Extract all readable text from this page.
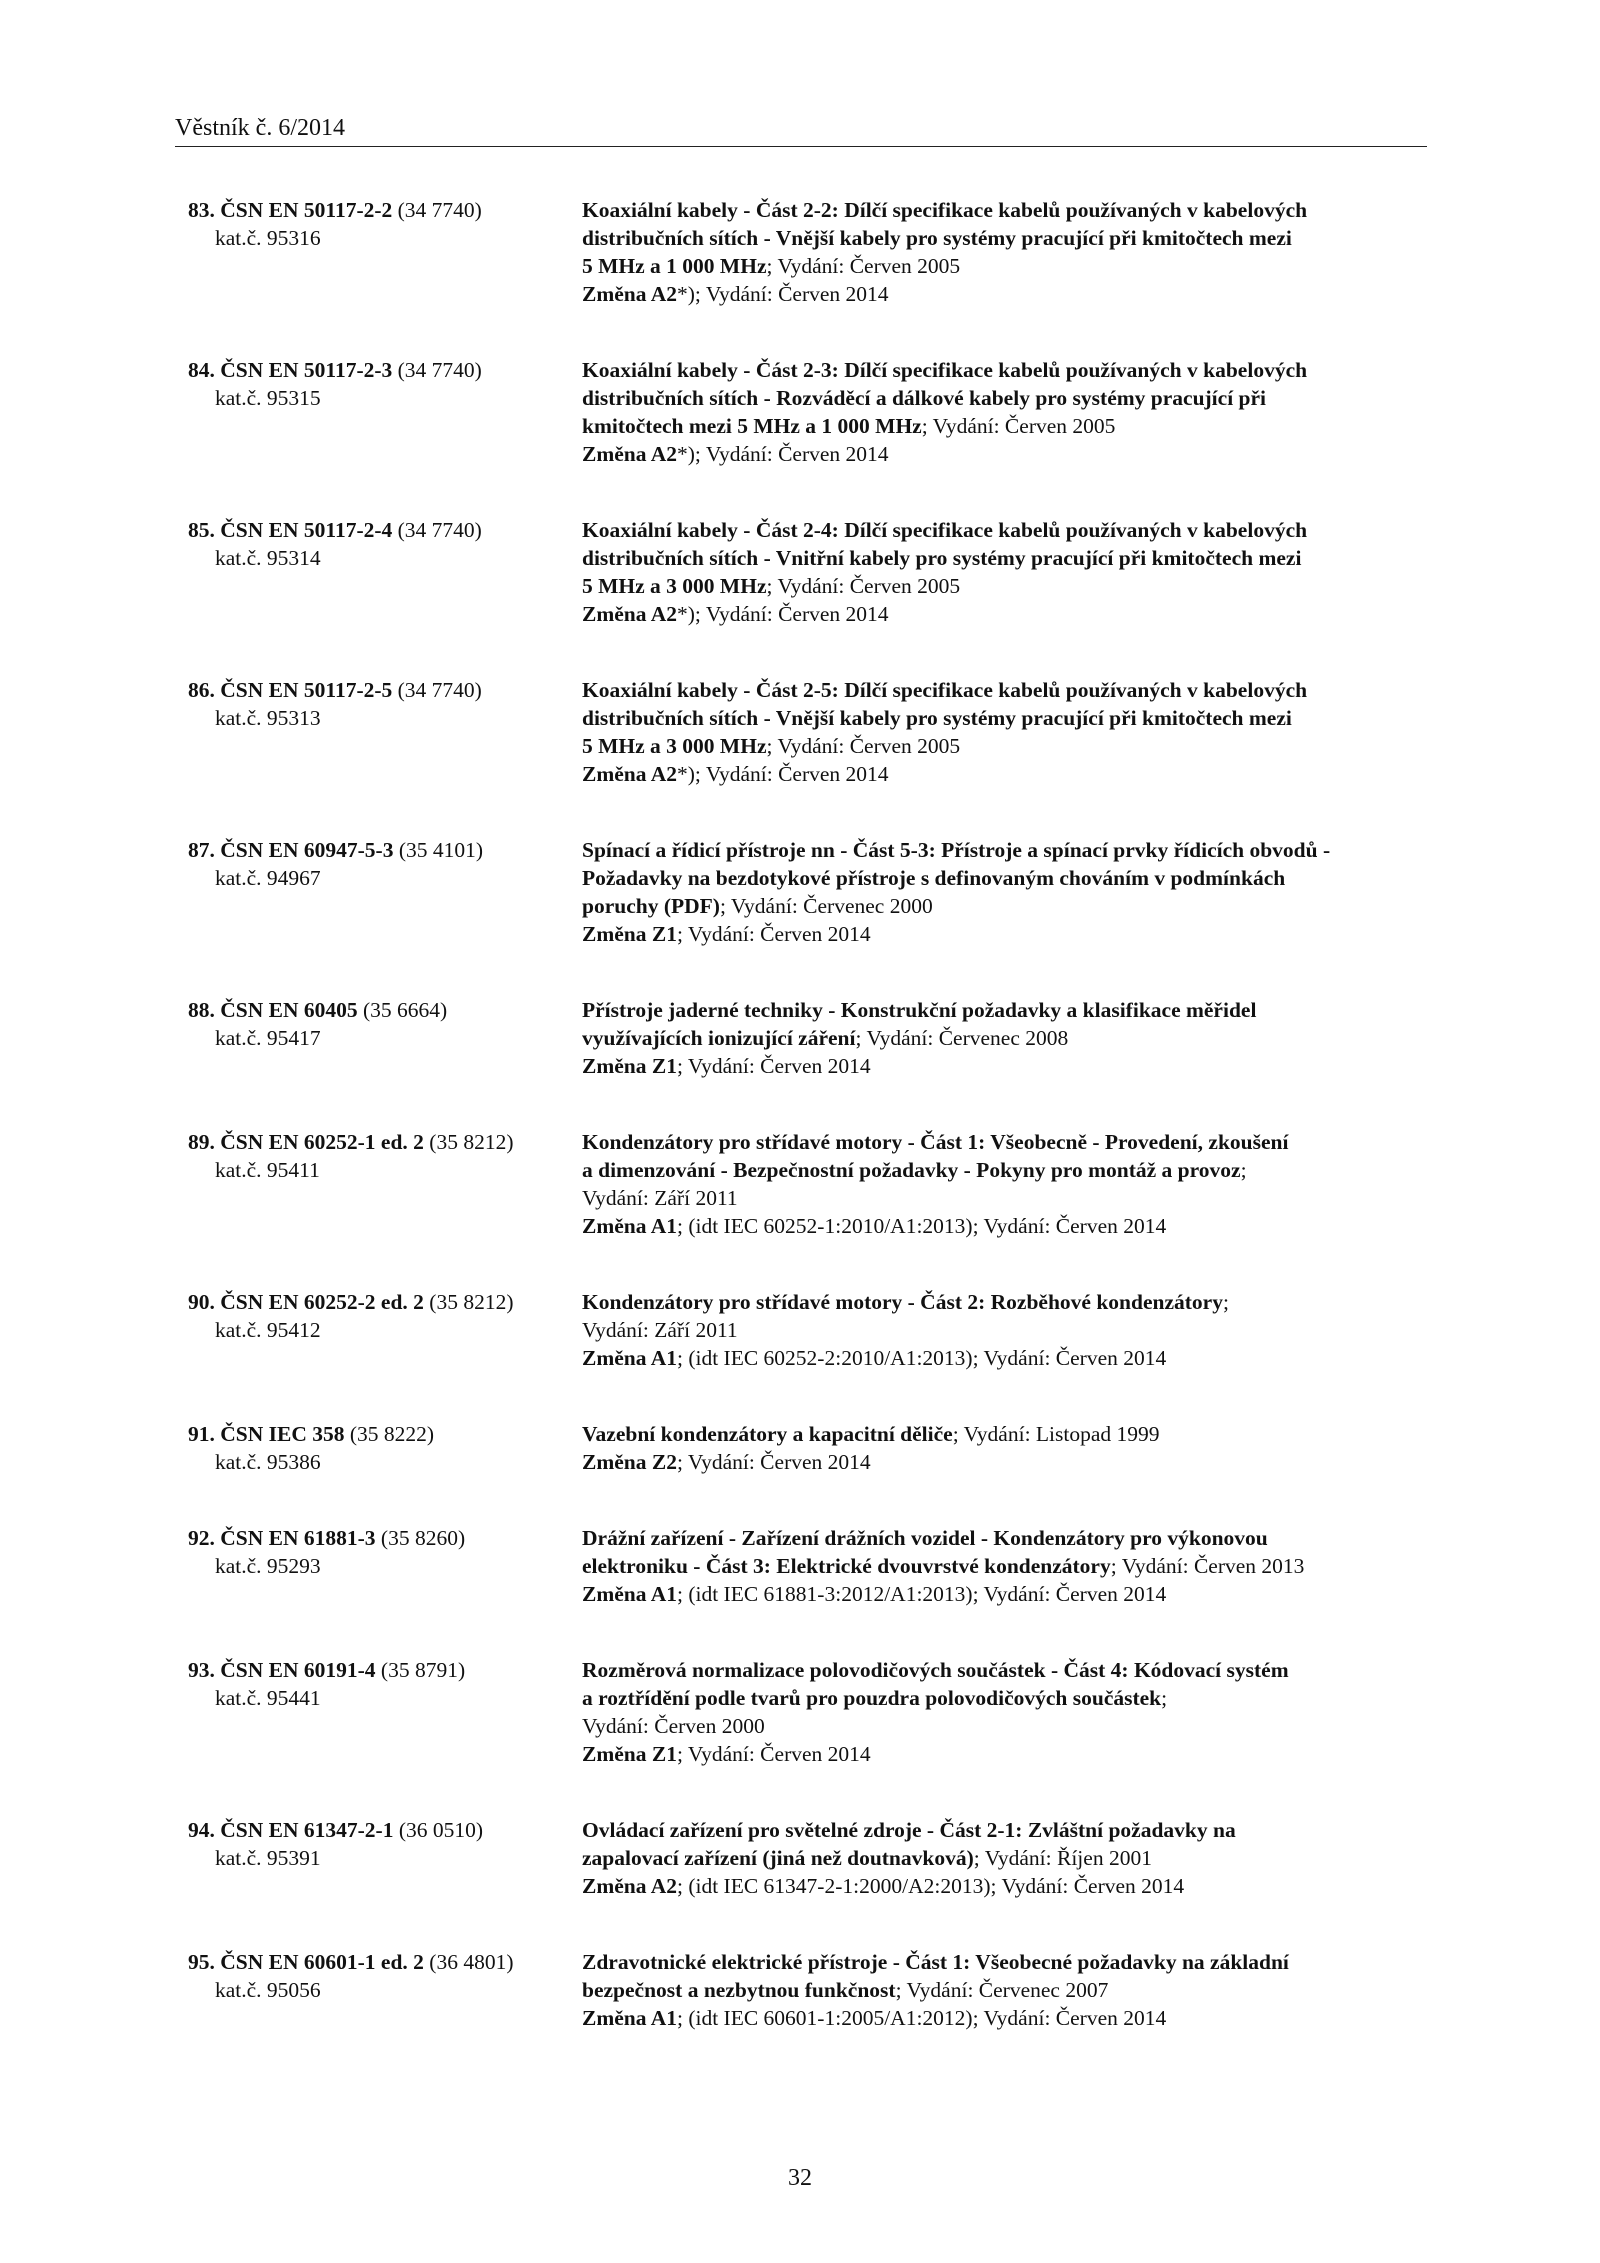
Věstník č. 6/2014
83. ČSN EN 50117-2-2 (34 7740)
kat.č. 95316
Koaxiální kabely - Část 2-2: Dílčí specifikace kabelů používaných v kabelových
distribučních sítích - Vnější kabely pro systémy pracující při kmitočtech mezi
5 MHz a 1 000 MHz; Vydání: Červen 2005
Změna A2*); Vydání: Červen 2014
84. ČSN EN 50117-2-3 (34 7740)
kat.č. 95315
Koaxiální kabely - Část 2-3: Dílčí specifikace kabelů používaných v kabelových
distribučních sítích - Rozváděcí a dálkové kabely pro systémy pracující při
kmitočtech mezi 5 MHz a 1 000 MHz; Vydání: Červen 2005
Změna A2*); Vydání: Červen 2014
85. ČSN EN 50117-2-4 (34 7740)
kat.č. 95314
Koaxiální kabely - Část 2-4: Dílčí specifikace kabelů používaných v kabelových
distribučních sítích - Vnitřní kabely pro systémy pracující při kmitočtech mezi
5 MHz a 3 000 MHz; Vydání: Červen 2005
Změna A2*); Vydání: Červen 2014
86. ČSN EN 50117-2-5 (34 7740)
kat.č. 95313
Koaxiální kabely - Část 2-5: Dílčí specifikace kabelů používaných v kabelových
distribučních sítích - Vnější kabely pro systémy pracující při kmitočtech mezi
5 MHz a 3 000 MHz; Vydání: Červen 2005
Změna A2*); Vydání: Červen 2014
87. ČSN EN 60947-5-3 (35 4101)
kat.č. 94967
Spínací a řídicí přístroje nn - Část 5-3: Přístroje a spínací prvky řídicích obvodů -
Požadavky na bezdotykové přístroje s definovaným chováním v podmínkách
poruchy (PDF); Vydání: Červenec 2000
Změna Z1; Vydání: Červen 2014
88. ČSN EN 60405 (35 6664)
kat.č. 95417
Přístroje jaderné techniky - Konstrukční požadavky a klasifikace měřidel
využívajících ionizující záření; Vydání: Červenec 2008
Změna Z1; Vydání: Červen 2014
89. ČSN EN 60252-1 ed. 2 (35 8212)
kat.č. 95411
Kondenzátory pro střídavé motory - Část 1: Všeobecně - Provedení, zkoušení
a dimenzování - Bezpečnostní požadavky - Pokyny pro montáž a provoz;
Vydání: Září 2011
Změna A1; (idt IEC 60252-1:2010/A1:2013); Vydání: Červen 2014
90. ČSN EN 60252-2 ed. 2 (35 8212)
kat.č. 95412
Kondenzátory pro střídavé motory - Část 2: Rozběhové kondenzátory;
Vydání: Září 2011
Změna A1; (idt IEC 60252-2:2010/A1:2013); Vydání: Červen 2014
91. ČSN IEC 358 (35 8222)
kat.č. 95386
Vazební kondenzátory a kapacitní děliče; Vydání: Listopad 1999
Změna Z2; Vydání: Červen 2014
92. ČSN EN 61881-3 (35 8260)
kat.č. 95293
Drážní zařízení - Zařízení drážních vozidel - Kondenzátory pro výkonovou
elektroniku - Část 3: Elektrické dvouvrstvé kondenzátory; Vydání: Červen 2013
Změna A1; (idt IEC 61881-3:2012/A1:2013); Vydání: Červen 2014
93. ČSN EN 60191-4 (35 8791)
kat.č. 95441
Rozměrová normalizace polovodičových součástek - Část 4: Kódovací systém
a roztřídění podle tvarů pro pouzdra polovodičových součástek;
Vydání: Červen 2000
Změna Z1; Vydání: Červen 2014
94. ČSN EN 61347-2-1 (36 0510)
kat.č. 95391
Ovládací zařízení pro světelné zdroje - Část 2-1: Zvláštní požadavky na
zapalovací zařízení (jiná než doutnavková); Vydání: Říjen 2001
Změna A2; (idt IEC 61347-2-1:2000/A2:2013); Vydání: Červen 2014
95. ČSN EN 60601-1 ed. 2 (36 4801)
kat.č. 95056
Zdravotnické elektrické přístroje - Část 1: Všeobecné požadavky na základní
bezpečnost a nezbytnou funkčnost; Vydání: Červenec 2007
Změna A1; (idt IEC 60601-1:2005/A1:2012); Vydání: Červen 2014
32
